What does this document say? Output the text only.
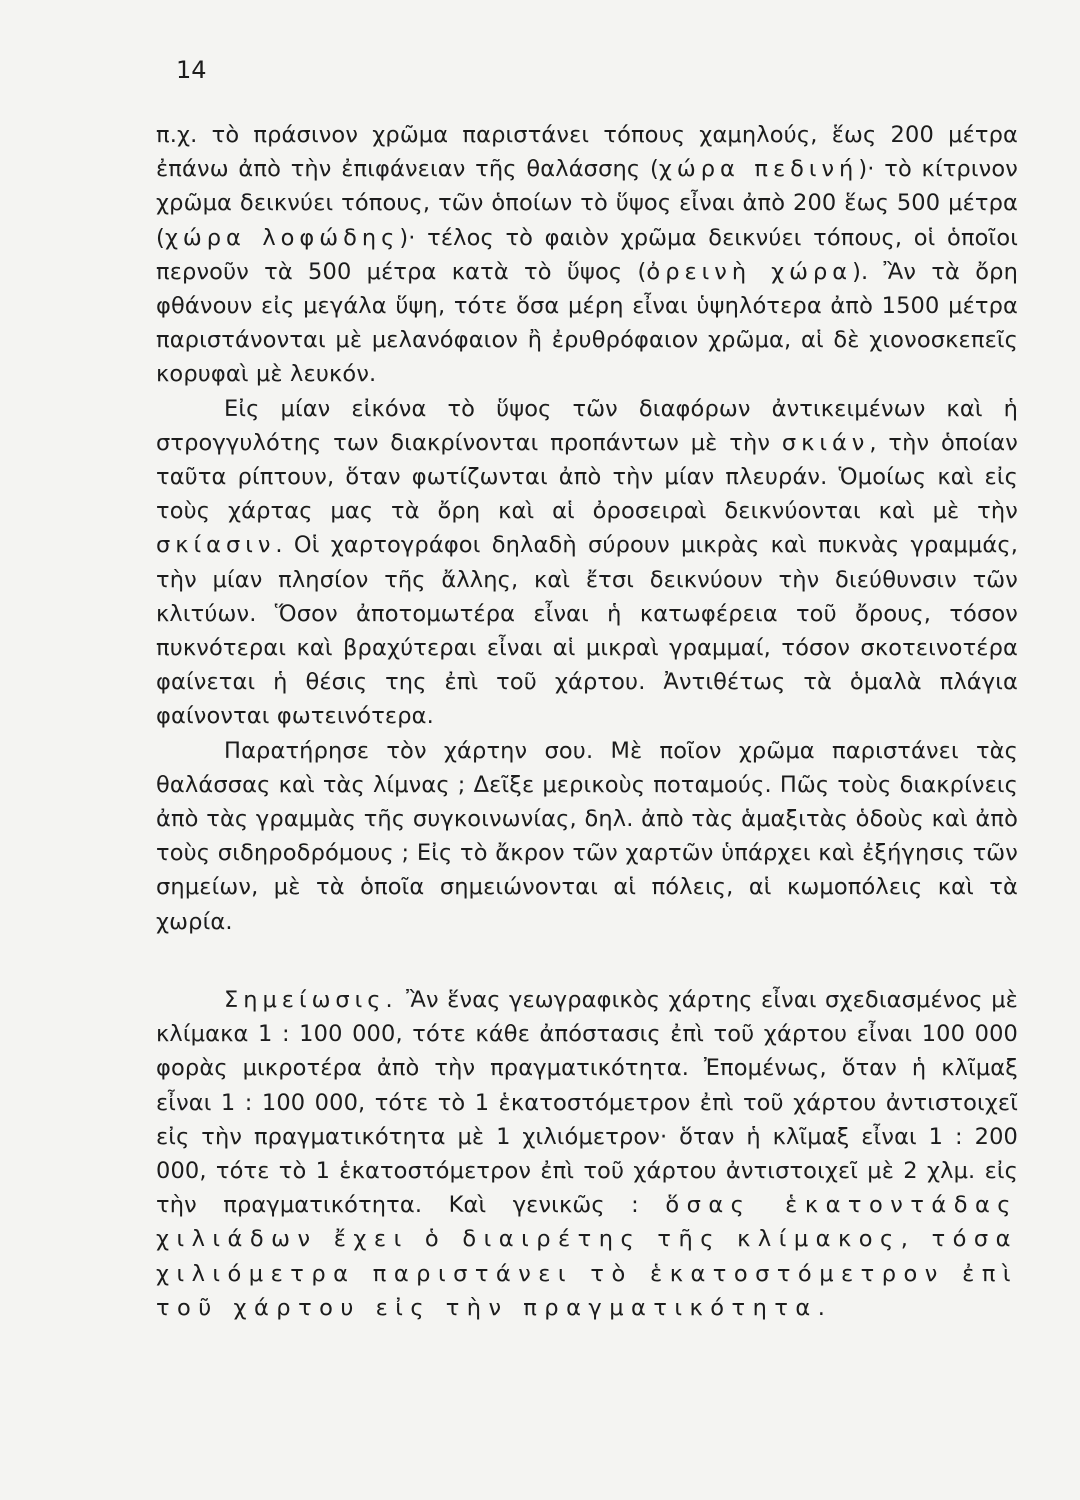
14

π.χ. τὸ πράσινον χρῶμα παριστάνει τόπους χαμηλούς, ἕως 200 μέτρα ἐπάνω ἀπὸ τὴν ἐπιφάνειαν τῆς θαλάσσης (χώρα πεδινή)· τὸ κίτρινον χρῶμα δεικνύει τόπους, τῶν ὁποίων τὸ ὕψος εἶναι ἀπὸ 200 ἕως 500 μέτρα (χώρα λοφώδης)· τέλος τὸ φαιὸν χρῶμα δεικνύει τόπους, οἱ ὁποῖοι περνοῦν τὰ 500 μέτρα κατὰ τὸ ὕψος (ὀρεινὴ χώρα). Ἂν τὰ ὄρη φθάνουν εἰς μεγάλα ὕψη, τότε ὅσα μέρη εἶναι ὑψηλότερα ἀπὸ 1500 μέτρα παριστάνονται μὲ μελανόφαιον ἢ ἐρυθρόφαιον χρῶμα, αἱ δὲ χιονοσκεπεῖς κορυφαὶ μὲ λευκόν.

Εἰς μίαν εἰκόνα τὸ ὕψος τῶν διαφόρων ἀντικειμένων καὶ ἡ στρογγυλότης των διακρίνονται προπάντων μὲ τὴν σκιάν, τὴν ὁποίαν ταῦτα ρίπτουν, ὅταν φωτίζωνται ἀπὸ τὴν μίαν πλευράν. Ὁμοίως καὶ εἰς τοὺς χάρτας μας τὰ ὄρη καὶ αἱ ὀροσειραὶ δεικνύονται καὶ μὲ τὴν σκίασιν. Οἱ χαρτογράφοι δηλαδὴ σύρουν μικρὰς καὶ πυκνὰς γραμμάς, τὴν μίαν πλησίον τῆς ἄλλης, καὶ ἔτσι δεικνύουν τὴν διεύθυνσιν τῶν κλιτύων. Ὅσον ἀποτομωτέρα εἶναι ἡ κατωφέρεια τοῦ ὄρους, τόσον πυκνότεραι καὶ βραχύτεραι εἶναι αἱ μικραὶ γραμμαί, τόσον σκοτεινοτέρα φαίνεται ἡ θέσις της ἐπὶ τοῦ χάρτου. Ἀντιθέτως τὰ ὁμαλὰ πλάγια φαίνονται φωτεινότερα.

Παρατήρησε τὸν χάρτην σου. Μὲ ποῖον χρῶμα παριστάνει τὰς θαλάσσας καὶ τὰς λίμνας ; Δεῖξε μερικοὺς ποταμούς. Πῶς τοὺς διακρίνεις ἀπὸ τὰς γραμμὰς τῆς συγκοινωνίας, δηλ. ἀπὸ τὰς ἁμαξιτὰς ὁδοὺς καὶ ἀπὸ τοὺς σιδηροδρόμους ; Εἰς τὸ ἄκρον τῶν χαρτῶν ὑπάρχει καὶ ἐξήγησις τῶν σημείων, μὲ τὰ ὁποῖα σημειώνονται αἱ πόλεις, αἱ κωμοπόλεις καὶ τὰ χωρία.

Σημείωσις. Ἂν ἕνας γεωγραφικὸς χάρτης εἶναι σχεδιασμένος μὲ κλίμακα 1 : 100 000, τότε κάθε ἀπόστασις ἐπὶ τοῦ χάρτου εἶναι 100 000 φορὰς μικροτέρα ἀπὸ τὴν πραγματικότητα. Ἐπομένως, ὅταν ἡ κλῖμαξ εἶναι 1 : 100 000, τότε τὸ 1 ἑκατοστόμετρον ἐπὶ τοῦ χάρτου ἀντιστοιχεῖ εἰς τὴν πραγματικότητα μὲ 1 χιλιόμετρον· ὅταν ἡ κλῖμαξ εἶναι 1 : 200 000, τότε τὸ 1 ἑκατοστόμετρον ἐπὶ τοῦ χάρτου ἀντιστοιχεῖ μὲ 2 χλμ. εἰς τὴν πραγματικότητα. Καὶ γενικῶς : ὅσας ἑκατοντάδας χιλιάδων ἔχει ὁ διαιρέτης τῆς κλίμακος, τόσα χιλιόμετρα παριστάνει τὸ ἑκατοστόμετρον ἐπὶ τοῦ χάρτου εἰς τὴν πραγματικότητα.
